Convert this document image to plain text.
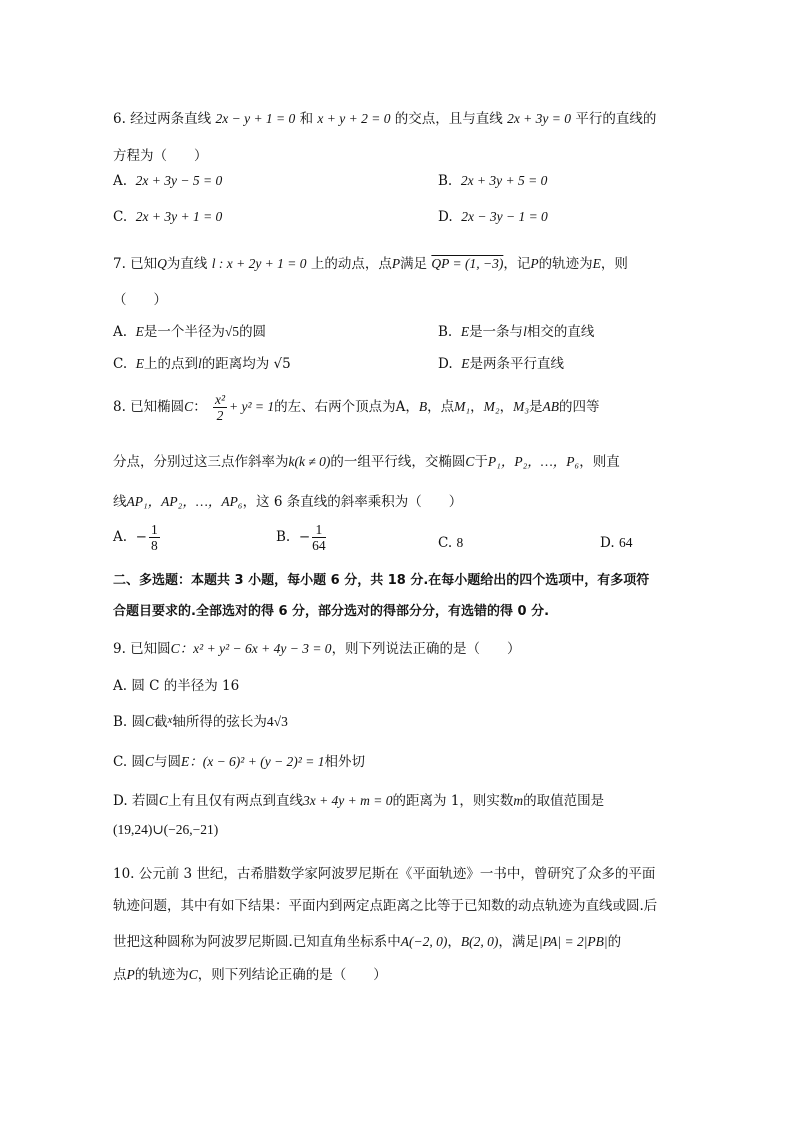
6. 经过两条直线 2x − y + 1 = 0 和 x + y + 2 = 0 的交点，且与直线 2x + 3y = 0 平行的直线的
方程为（　　）
A. 2x + 3y − 5 = 0	B. 2x + 3y + 5 = 0
C. 2x + 3y + 1 = 0	D. 2x − 3y − 1 = 0
7. 已知Q为直线 l : x + 2y + 1 = 0 上的动点，点P满足 QP = (1, −3)，记P的轨迹为E，则
（　　）
A. E是一个半径为√5的圆	B. E是一条与l相交的直线
C. E上的点到l的距离均为 √5	D. E是两条平行直线
8. 已知椭圆C： $\frac{\text{x²}}{2} + y^2 = 1$的左、右两个顶点为A，B，点M₁，M₂，M₃是AB的四等
分点，分别过这三点作斜率为k(k ≠ 0)的一组平行线，交椭圆C于P₁，P₂，…，P₆，则直
线AP₁，AP₂，…，AP₆，这 6 条直线的斜率乘积为（　　）
A. − $\frac{1}{8}$	B. − $\frac{1}{64}$	C. 8	D. 64
二、多选题：本题共 3 小题，每小题 6 分，共 18 分.在每小题给出的四个选项中，有多项符
合题目要求的.全部选对的得 6 分，部分选对的得部分分，有选错的得 0 分.
9. 已知圆C：x² + y² − 6x + 4y − 3 = 0，则下列说法正确的是（　　）
A. 圆 C 的半径为 16
B. 圆C截$^x$轴所得的弦长为4√3
C. 圆C与圆E：(x − 6)² + (y − 2)² = 1相外切
D. 若圆C上有且仅有两点到直线3x + 4y + m = 0的距离为 1，则实数m的取值范围是
(19,24)∪(−26,−21)
10. 公元前 3 世纪，古希腊数学家阿波罗尼斯在《平面轨迹》一书中，曾研究了众多的平面
轨迹问题，其中有如下结果：平面内到两定点距离之比等于已知数的动点轨迹为直线或圆.后
世把这种圆称为阿波罗尼斯圆.已知直角坐标系中A(−2, 0)，B(2, 0)，满足|PA| = 2|PB|的
点P的轨迹为C，则下列结论正确的是（　　）
